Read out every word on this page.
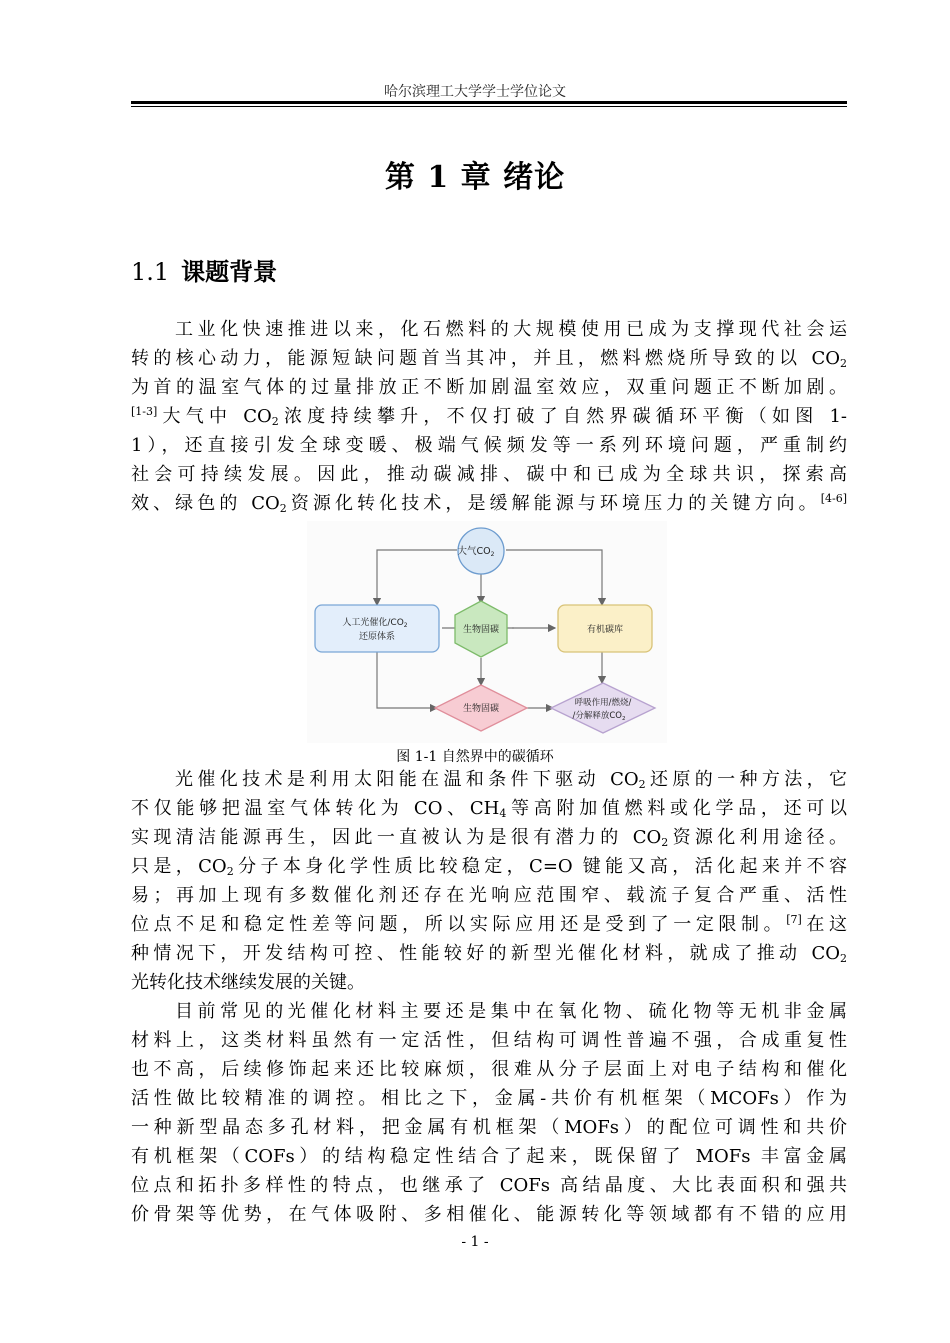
哈尔滨理工大学学士学位论文
第 1 章 绪论
1.1 课题背景
工业化快速推进以来，化石燃料的大规模使用已成为支撑现代社会运
转的核心动力，能源短缺问题首当其冲，并且，燃料燃烧所导致的以 $CO_2$
为首的温室气体的过量排放正不断加剧温室效应，双重问题正不断加剧。
[1-3]大气中 $CO_2$浓度持续攀升，不仅打破了自然界碳循环平衡（如图 1-
1），还直接引发全球变暖、极端气候频发等一系列环境问题，严重制约
社会可持续发展。因此，推动碳减排、碳中和已成为全球共识，探索高
效、绿色的 $CO_2$资源化转化技术，是缓解能源与环境压力的关键方向。[4-6]
大气$CO_2$
人工光催化$/CO_2$
还原体系
生物固碳	有机碳库
生物固碳
呼吸作用/燃烧/
/分解释放$CO_2$
图 1-1 自然界中的碳循环
光催化技术是利用太阳能在温和条件下驱动 $CO_2$还原的一种方法，它
不仅能够把温室气体转化为 CO、$CH_4$等高附加值燃料或化学品，还可以
实现清洁能源再生，因此一直被认为是很有潜力的 $CO_2$资源化利用途径。
只是，$CO_2$分子本身化学性质比较稳定，C=O 键能又高，活化起来并不容
易；再加上现有多数催化剂还存在光响应范围窄、载流子复合严重、活性
位点不足和稳定性差等问题，所以实际应用还是受到了一定限制。[7]在这
种情况下，开发结构可控、性能较好的新型光催化材料，就成了推动 $CO_2$
光转化技术继续发展的关键。
目前常见的光催化材料主要还是集中在氧化物、硫化物等无机非金属
材料上，这类材料虽然有一定活性，但结构可调性普遍不强，合成重复性
也不高，后续修饰起来还比较麻烦，很难从分子层面上对电子结构和催化
活性做比较精准的调控。相比之下，金属-共价有机框架（MCOFs）作为
一种新型晶态多孔材料，把金属有机框架（MOFs）的配位可调性和共价
有机框架（COFs）的结构稳定性结合了起来，既保留了 MOFs 丰富金属
位点和拓扑多样性的特点，也继承了 COFs 高结晶度、大比表面积和强共
价骨架等优势，在气体吸附、多相催化、能源转化等领域都有不错的应用
- 1 -
